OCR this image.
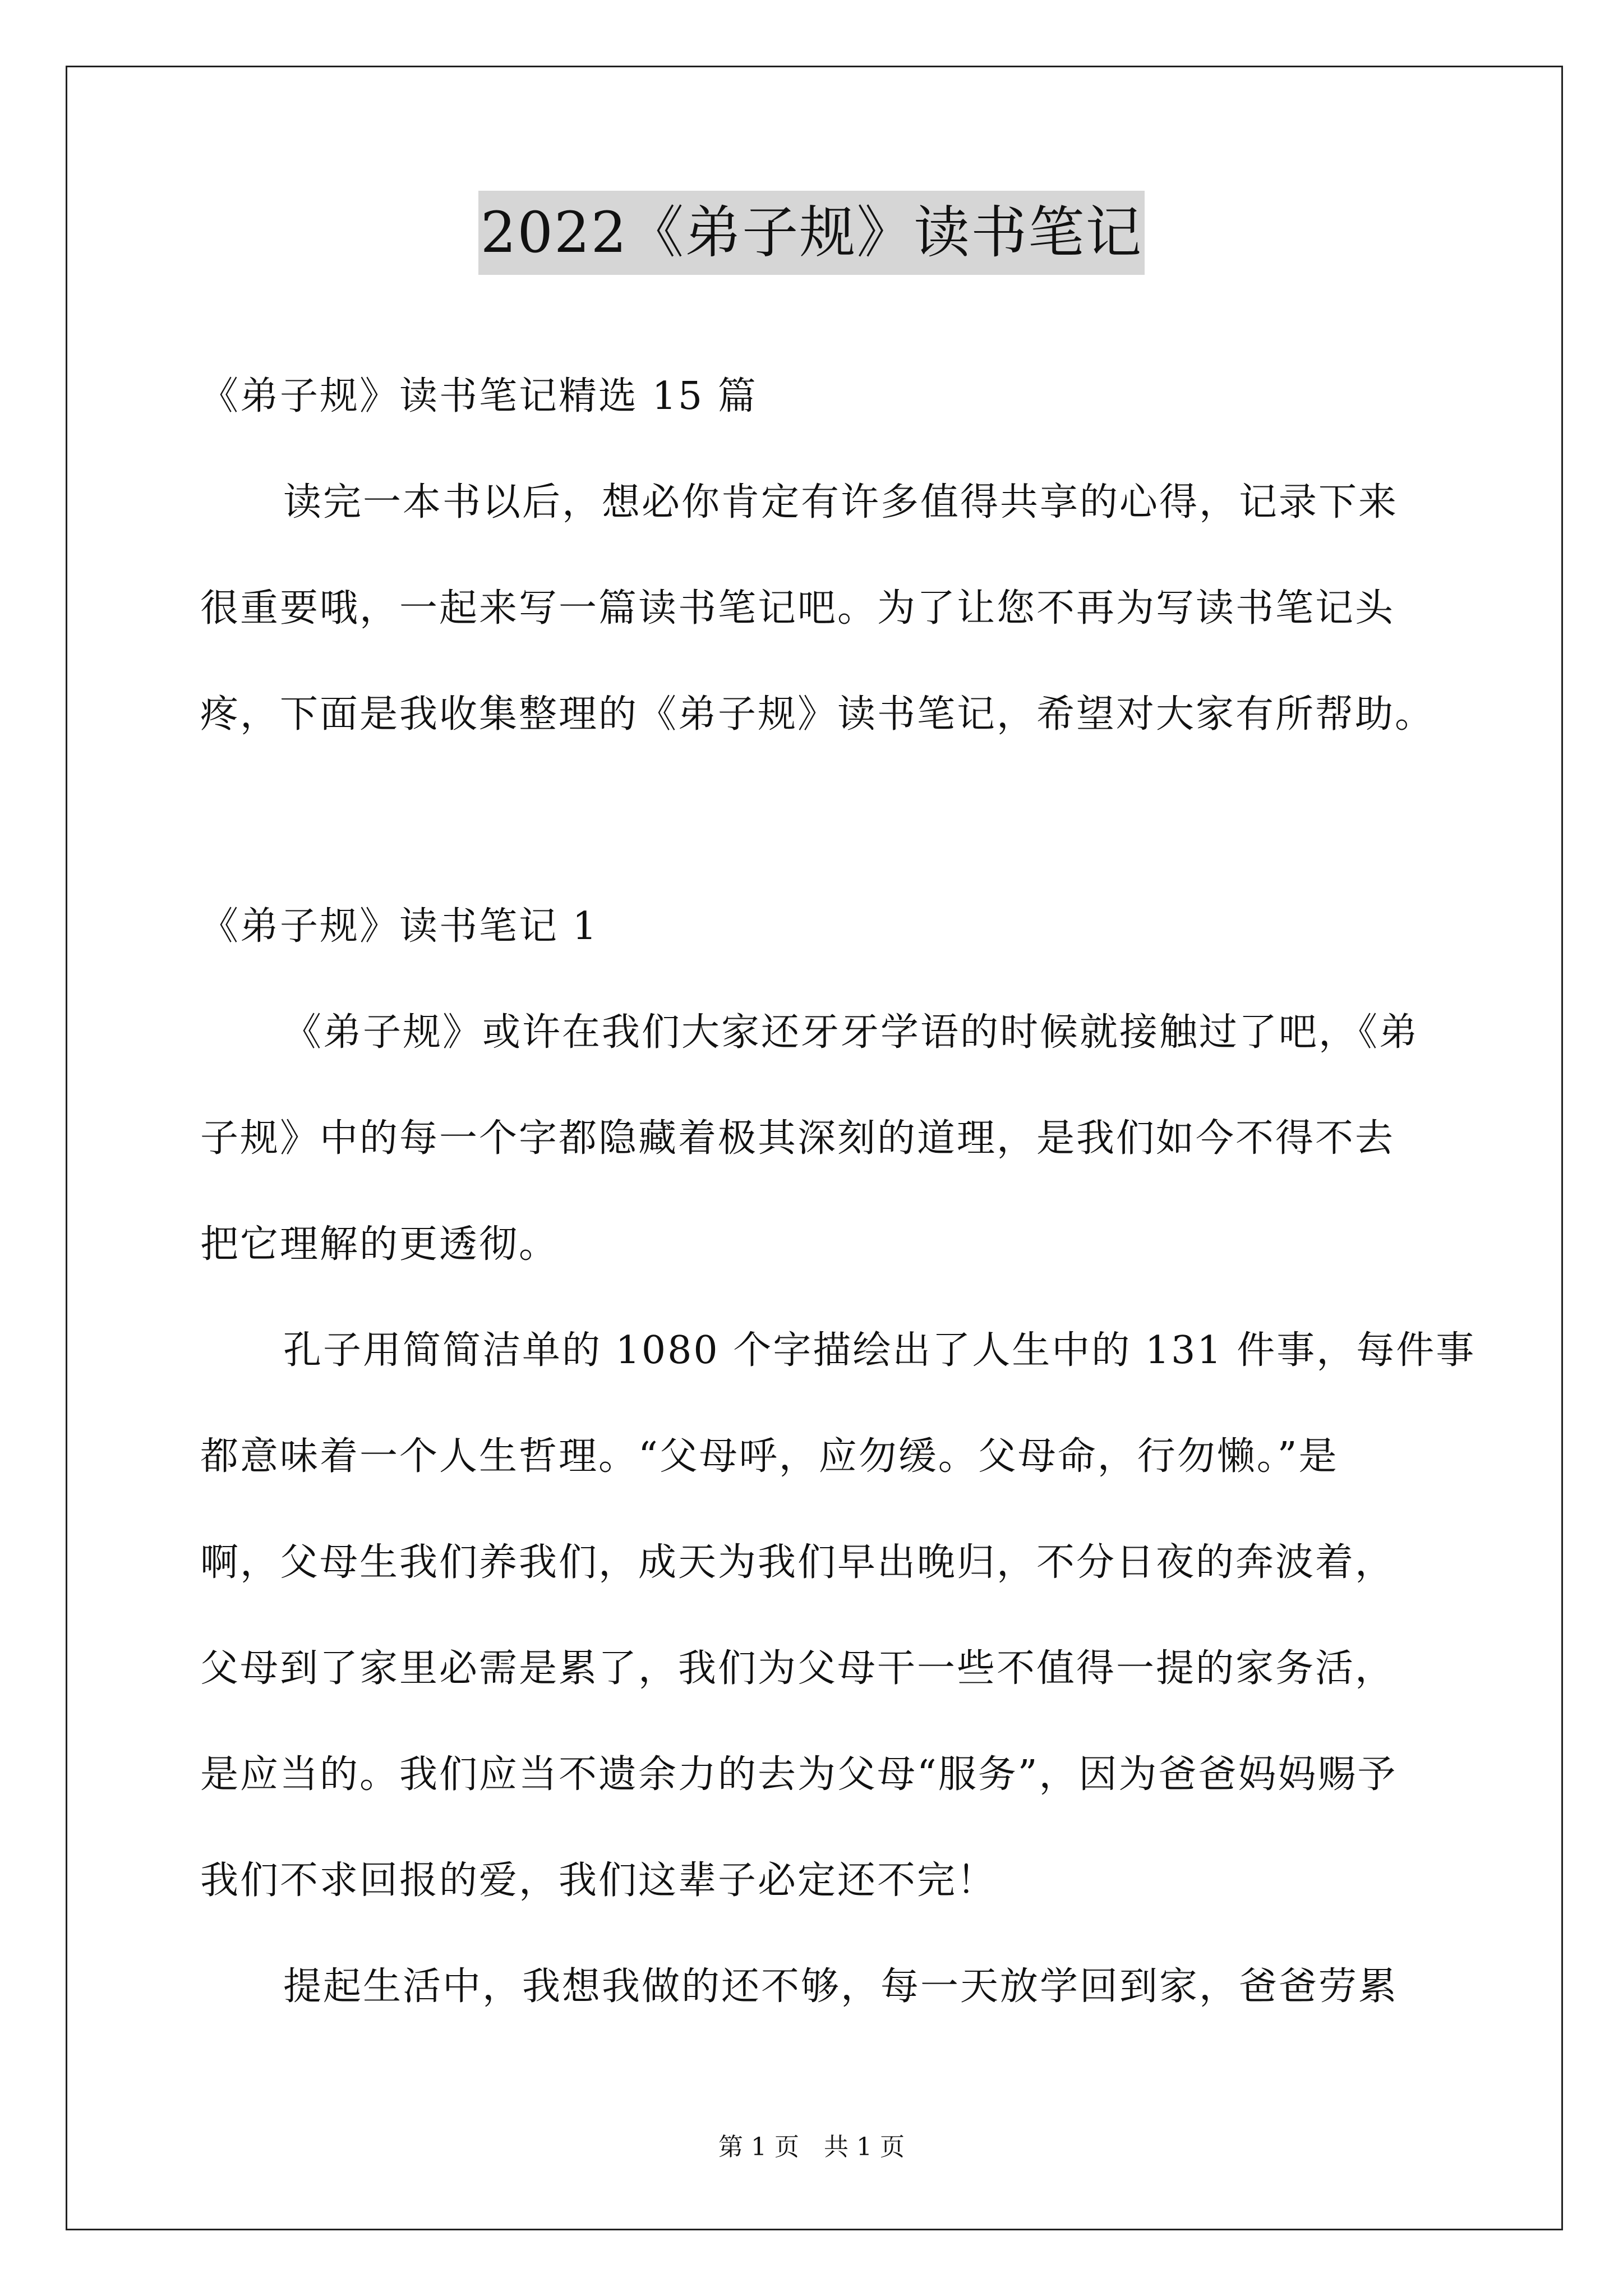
2022《弟子规》读书笔记
《弟子规》读书笔记精选 15 篇
读完一本书以后，想必你肯定有许多值得共享的心得，记录下来
很重要哦，一起来写一篇读书笔记吧。为了让您不再为写读书笔记头
疼，下面是我收集整理的《弟子规》读书笔记，希望对大家有所帮助。
《弟子规》读书笔记 1
《弟子规》或许在我们大家还牙牙学语的时候就接触过了吧，《弟
子规》中的每一个字都隐藏着极其深刻的道理，是我们如今不得不去
把它理解的更透彻。
孔子用简简洁单的 1080 个字描绘出了人生中的 131 件事，每件事
都意味着一个人生哲理。“父母呼，应勿缓。父母命，行勿懒。”是
啊，父母生我们养我们，成天为我们早出晚归，不分日夜的奔波着，
父母到了家里必需是累了，我们为父母干一些不值得一提的家务活，
是应当的。我们应当不遗余力的去为父母“服务”，因为爸爸妈妈赐予
我们不求回报的爱，我们这辈子必定还不完！
提起生活中，我想我做的还不够，每一天放学回到家，爸爸劳累
第 1 页　共 1 页
